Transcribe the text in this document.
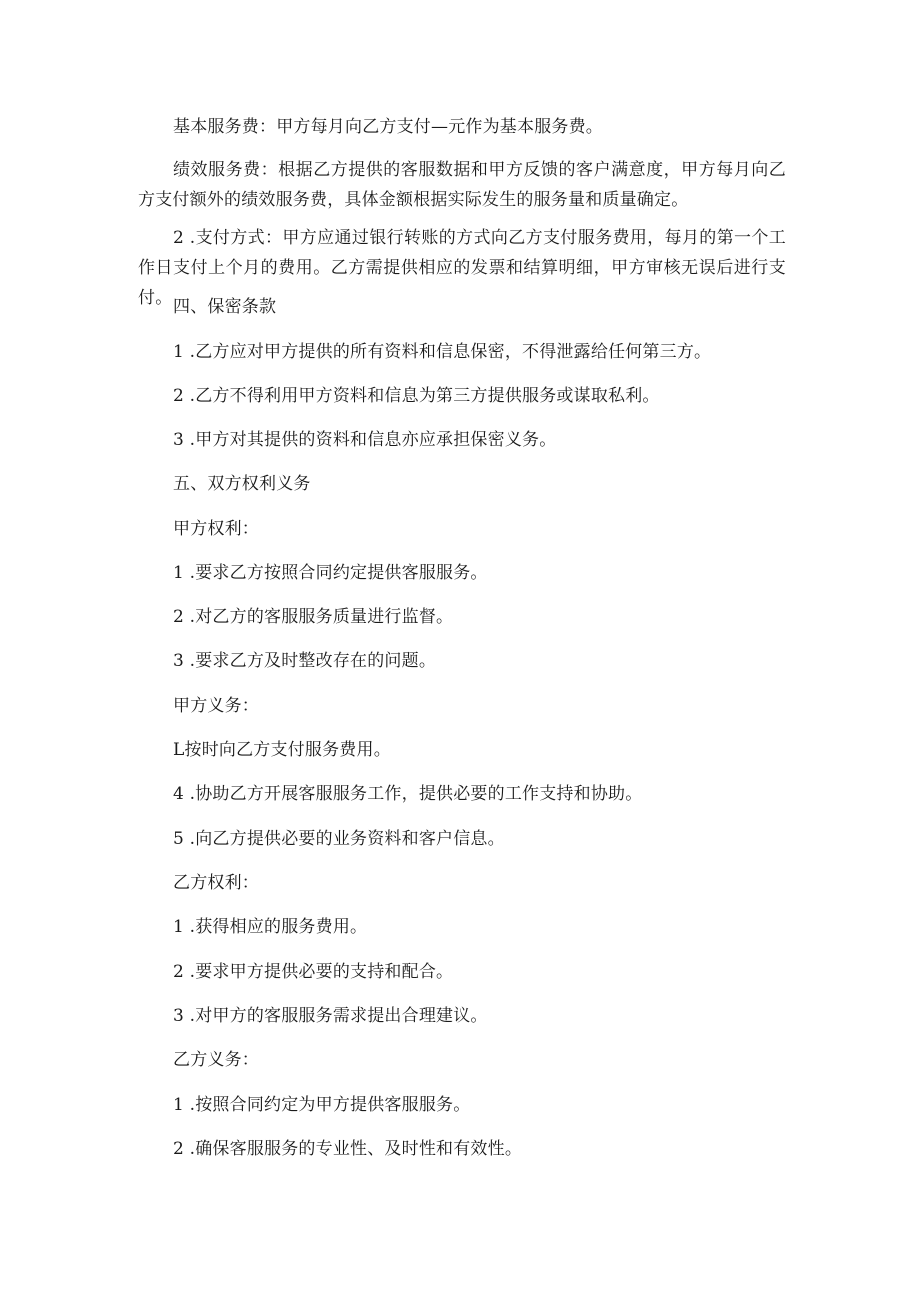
基本服务费：甲方每月向乙方支付—元作为基本服务费。

绩效服务费：根据乙方提供的客服数据和甲方反馈的客户满意度，甲方每月向乙方支付额外的绩效服务费，具体金额根据实际发生的服务量和质量确定。

2 .支付方式：甲方应通过银行转账的方式向乙方支付服务费用，每月的第一个工作日支付上个月的费用。乙方需提供相应的发票和结算明细，甲方审核无误后进行支付。 四、保密条款

1 .乙方应对甲方提供的所有资料和信息保密，不得泄露给任何第三方。

2 .乙方不得利用甲方资料和信息为第三方提供服务或谋取私利。

3 .甲方对其提供的资料和信息亦应承担保密义务。

五、双方权利义务

甲方权利：

1 .要求乙方按照合同约定提供客服服务。

2 .对乙方的客服服务质量进行监督。

3 .要求乙方及时整改存在的问题。

甲方义务：

L按时向乙方支付服务费用。

4 .协助乙方开展客服服务工作，提供必要的工作支持和协助。

5 .向乙方提供必要的业务资料和客户信息。

乙方权利：

1 .获得相应的服务费用。

2 .要求甲方提供必要的支持和配合。

3 .对甲方的客服服务需求提出合理建议。

乙方义务：

1 .按照合同约定为甲方提供客服服务。

2 .确保客服服务的专业性、及时性和有效性。
